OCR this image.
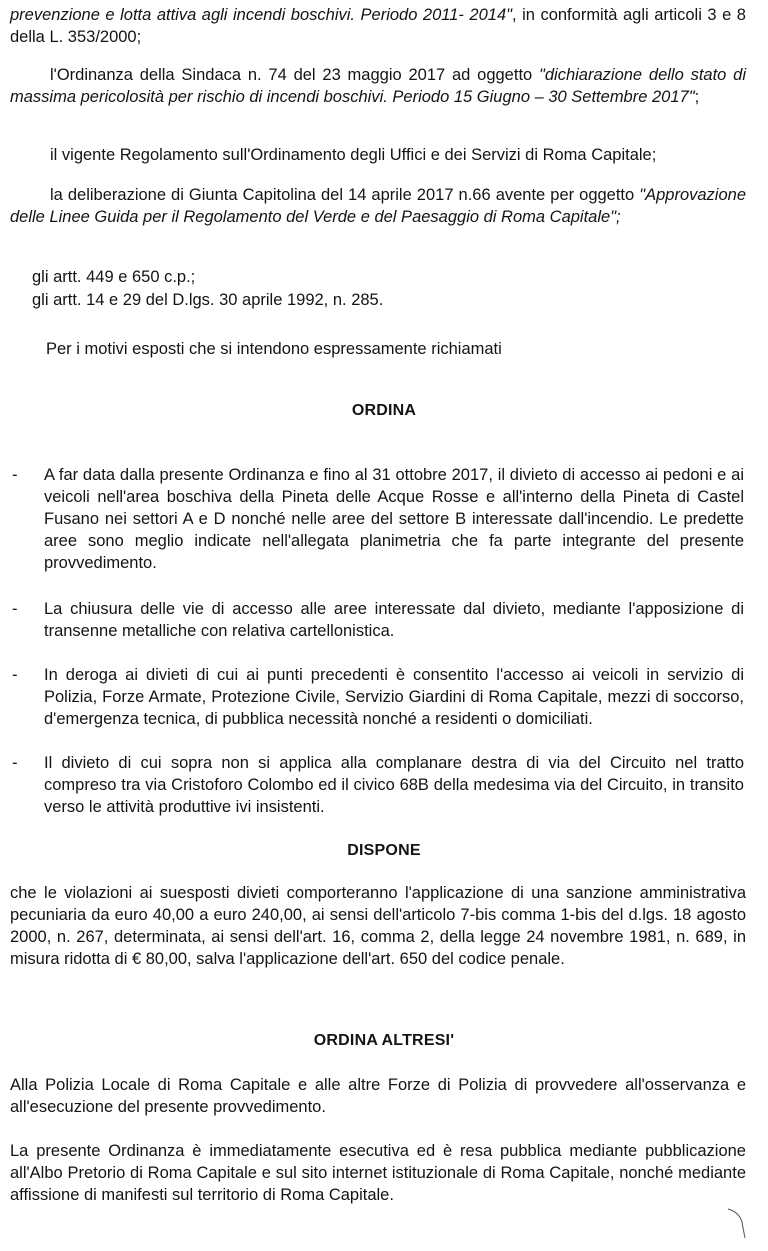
prevenzione e lotta attiva agli incendi boschivi. Periodo 2011- 2014", in conformità agli articoli 3 e 8 della L. 353/2000;

l'Ordinanza della Sindaca n. 74 del 23 maggio 2017 ad oggetto "dichiarazione dello stato di massima pericolosità per rischio di incendi boschivi. Periodo 15 Giugno – 30 Settembre 2017";

il vigente Regolamento sull'Ordinamento degli Uffici e dei Servizi di Roma Capitale;

la deliberazione di Giunta Capitolina del 14 aprile 2017 n.66 avente per oggetto "Approvazione delle Linee Guida per il Regolamento del Verde e del Paesaggio di Roma Capitale";

gli artt. 449 e 650 c.p.;

gli artt. 14 e 29 del D.lgs. 30 aprile 1992, n. 285.

Per i motivi esposti che si intendono espressamente richiamati

ORDINA
- A far data dalla presente Ordinanza e fino al 31 ottobre 2017, il divieto di accesso ai pedoni e ai veicoli nell'area boschiva della Pineta delle Acque Rosse e all'interno della Pineta di Castel Fusano nei settori A e D nonché nelle aree del settore B interessate dall'incendio. Le predette aree sono meglio indicate nell'allegata planimetria che fa parte integrante del presente provvedimento.

- La chiusura delle vie di accesso alle aree interessate dal divieto, mediante l'apposizione di transenne metalliche con relativa cartellonistica.

- In deroga ai divieti di cui ai punti precedenti è consentito l'accesso ai veicoli in servizio di Polizia, Forze Armate, Protezione Civile, Servizio Giardini di Roma Capitale, mezzi di soccorso, d'emergenza tecnica, di pubblica necessità nonché a residenti o domiciliati.

- Il divieto di cui sopra non si applica alla complanare destra di via del Circuito nel tratto compreso tra via Cristoforo Colombo ed il civico 68B della medesima via del Circuito, in transito verso le attività produttive ivi insistenti.

DISPONE

che le violazioni ai suesposti divieti comporteranno l'applicazione di una sanzione amministrativa pecuniaria da euro 40,00 a euro 240,00, ai sensi dell'articolo 7-bis comma 1-bis del d.lgs. 18 agosto 2000, n. 267, determinata, ai sensi dell'art. 16, comma 2, della legge 24 novembre 1981, n. 689, in misura ridotta di € 80,00, salva l'applicazione dell'art. 650 del codice penale.

ORDINA ALTRESI'

Alla Polizia Locale di Roma Capitale e alle altre Forze di Polizia di provvedere all'osservanza e all'esecuzione del presente provvedimento.

La presente Ordinanza è immediatamente esecutiva ed è resa pubblica mediante pubblicazione all'Albo Pretorio di Roma Capitale e sul sito internet istituzionale di Roma Capitale, nonché mediante affissione di manifesti sul territorio di Roma Capitale.
